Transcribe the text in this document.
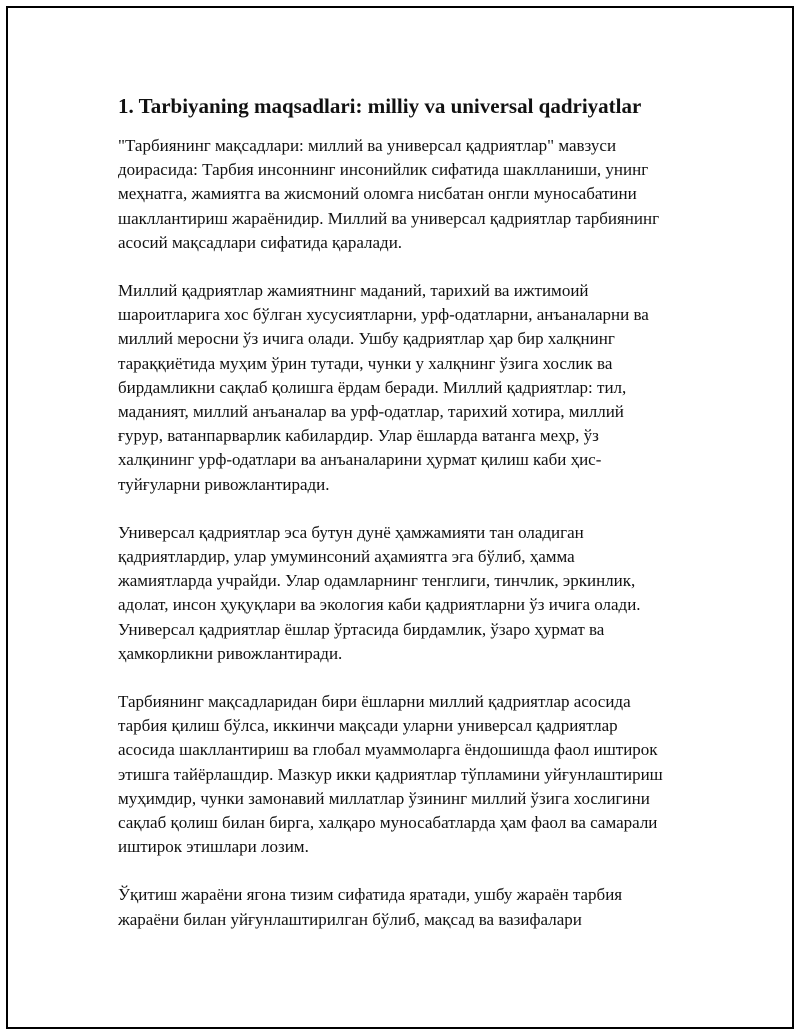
1. Tarbiyaning maqsadlari: milliy va universal qadriyatlar

"Тарбиянинг мақсадлари: миллий ва универсал қадриятлар" мавзуси доирасида: Тарбия инсоннинг инсонийлик сифатида шаклланиши, унинг меҳнатга, жамиятга ва жисмоний оломга нисбатан онгли муносабатини шакллантириш жараёнидир. Миллий ва универсал қадриятлар тарбиянинг асосий мақсадлари сифатида қаралади.

Миллий қадриятлар жамиятнинг маданий, тарихий ва ижтимоий шароитларига хос бўлган хусусиятларни, урф-одатларни, анъаналарни ва миллий меросни ўз ичига олади. Ушбу қадриятлар ҳар бир халқнинг тараққиётида муҳим ўрин тутади, чунки у халқнинг ўзига хослик ва бирдамликни сақлаб қолишга ёрдам беради. Миллий қадриятлар: тил, маданият, миллий анъаналар ва урф-одатлар, тарихий хотира, миллий ғурур, ватанпарварлик кабилардир. Улар ёшларда ватанга меҳр, ўз халқининг урф-одатлари ва анъаналарини ҳурмат қилиш каби ҳис-туйғуларни ривожлантиради.

Универсал қадриятлар эса бутун дунё ҳамжамияти тан оладиган қадриятлардир, улар умуминсоний аҳамиятга эга бўлиб, ҳамма жамиятларда учрайди. Улар одамларнинг тенглиги, тинчлик, эркинлик, адолат, инсон ҳуқуқлари ва экология каби қадриятларни ўз ичига олади. Универсал қадриятлар ёшлар ўртасида бирдамлик, ўзаро ҳурмат ва ҳамкорликни ривожлантиради.

Тарбиянинг мақсадларидан бири ёшларни миллий қадриятлар асосида тарбия қилиш бўлса, иккинчи мақсади уларни универсал қадриятлар асосида шакллантириш ва глобал муаммоларга ёндошишда фаол иштирок этишга тайёрлашдир. Мазкур икки қадриятлар тўпламини уйғунлаштириш муҳимдир, чунки замонавий миллатлар ўзининг миллий ўзига хослигини сақлаб қолиш билан бирга, халқаро муносабатларда ҳам фаол ва самарали иштирок этишлари лозим.

Ўқитиш жараёни ягона тизим сифатида яратади, ушбу жараён тарбия жараёни билан уйғунлаштирилган бўлиб, мақсад ва вазифалари
